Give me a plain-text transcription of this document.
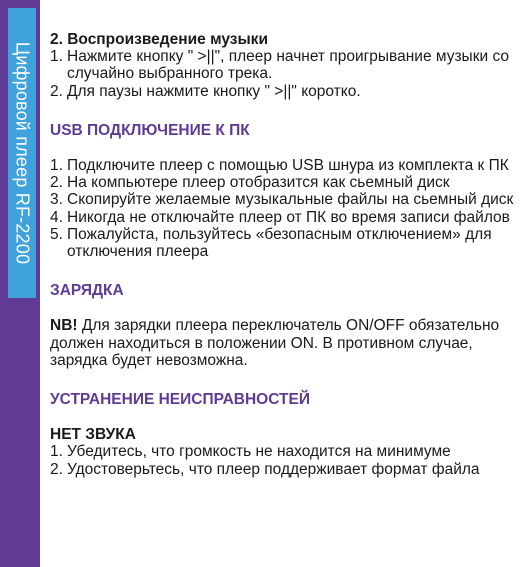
Цифровой плеер RF-2200
2. Воспроизведение музыки
1. Нажмите кнопку " >||", плеер начнет проигрывание музыки со случайно выбранного трека.
2. Для паузы нажмите кнопку " >||" коротко.
USB ПОДКЛЮЧЕНИЕ К ПК
1. Подключите плеер с помощью USB шнура из комплекта к ПК
2. На компьютере плеер отобразится как сьемный диск
3. Скопируйте желаемые музыкальные файлы на сьемный диск
4. Никогда не отключайте плеер от ПК во время записи файлов
5. Пожалуйста, пользуйтесь «безопасным отключением» для отключения плеера
ЗАРЯДКА

NB! Для зарядки плеера переключатель ON/OFF обязательно должен находиться в положении ON. В противном случае, зарядка будет невозможна.

УСТРАНЕНИЕ НЕИСПРАВНОСТЕЙ
НЕТ ЗВУКА
1. Убедитесь, что громкость не находится на минимуме
2. Удостоверьтесь, что плеер поддерживает формат файла
